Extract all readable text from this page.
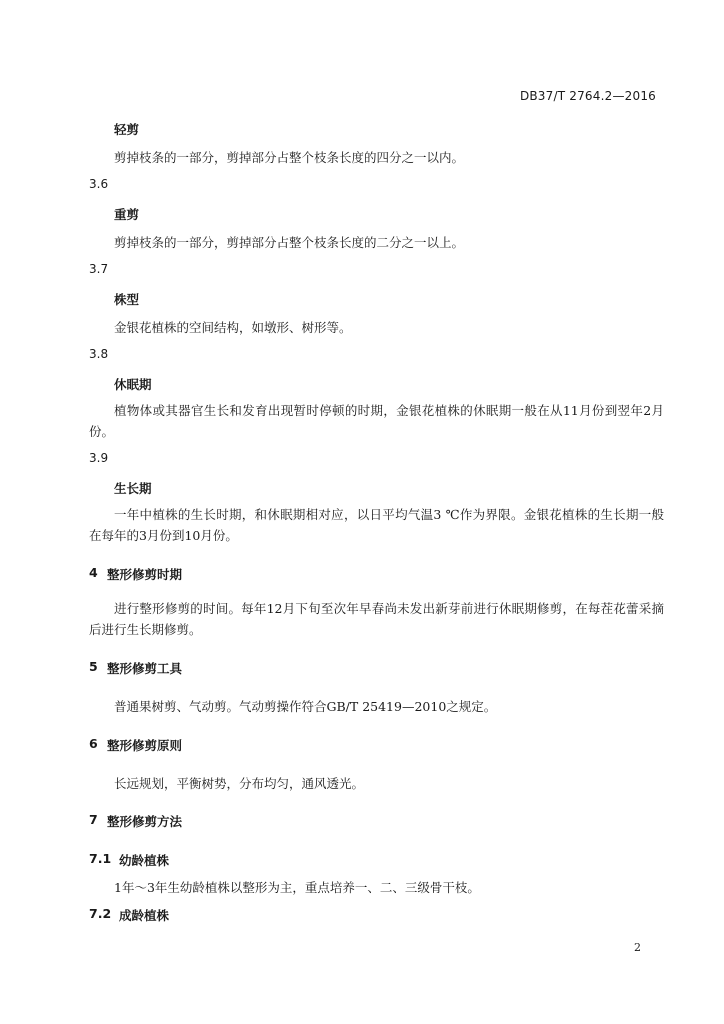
DB37/T 2764.2—2016
轻剪
剪掉枝条的一部分，剪掉部分占整个枝条长度的四分之一以内。
3.6
重剪
剪掉枝条的一部分，剪掉部分占整个枝条长度的二分之一以上。
3.7
株型
金银花植株的空间结构，如墩形、树形等。
3.8
休眠期
植物体或其器官生长和发育出现暂时停顿的时期，金银花植株的休眠期一般在从11月份到翌年2月份。
3.9
生长期
一年中植株的生长时期，和休眠期相对应，以日平均气温3 ℃作为界限。金银花植株的生长期一般在每年的3月份到10月份。
4 整形修剪时期
进行整形修剪的时间。每年12月下旬至次年早春尚未发出新芽前进行休眠期修剪，在每茬花蕾采摘后进行生长期修剪。
5 整形修剪工具
普通果树剪、气动剪。气动剪操作符合GB/T 25419—2010之规定。
6 整形修剪原则
长远规划，平衡树势，分布均匀，通风透光。
7 整形修剪方法
7.1 幼龄植株
1年～3年生幼龄植株以整形为主，重点培养一、二、三级骨干枝。
7.2 成龄植株
2
